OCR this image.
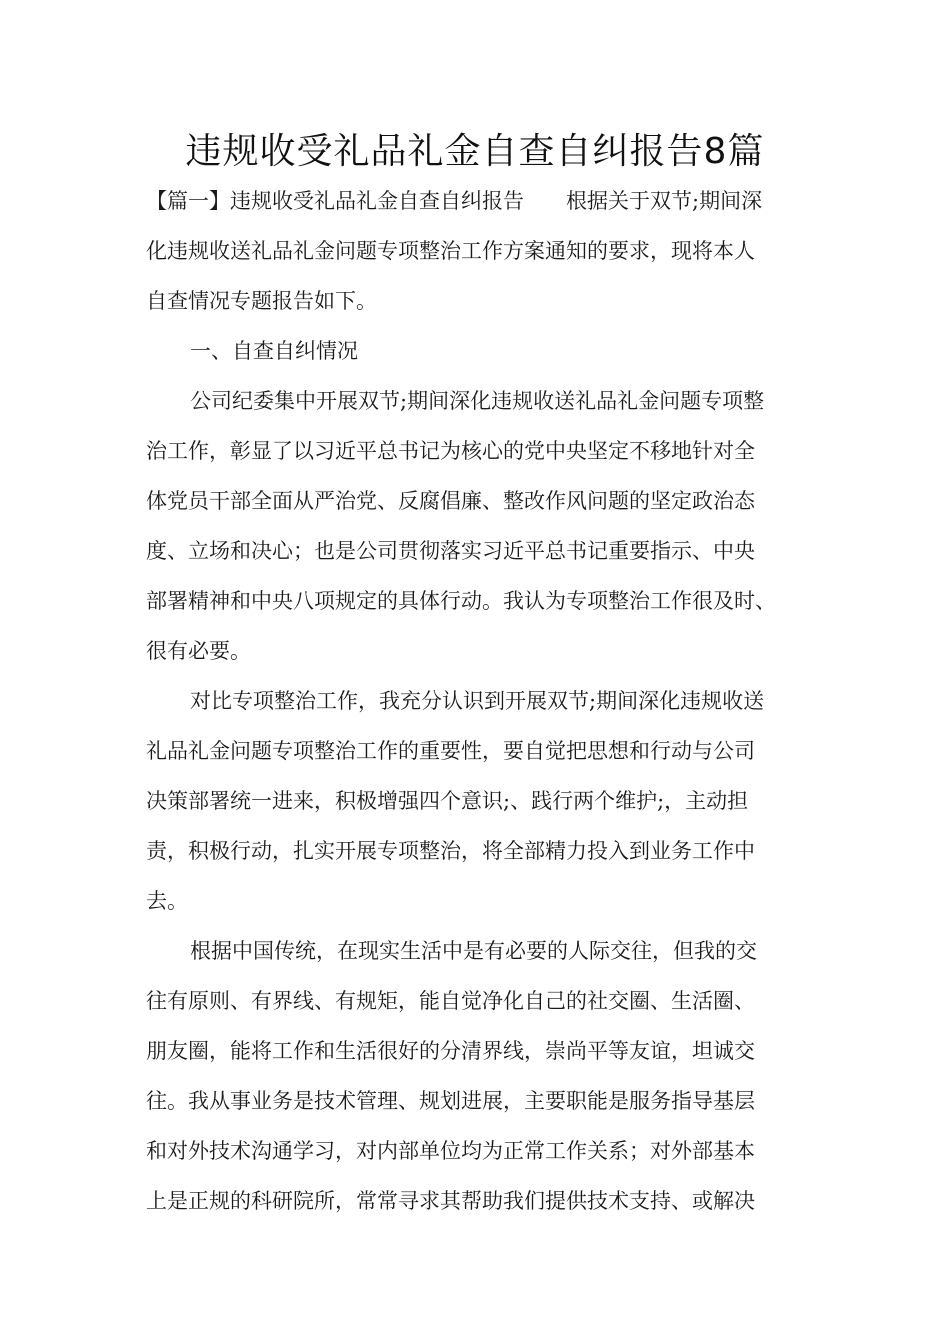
违规收受礼品礼金自查自纠报告8篇
【篇一】违规收受礼品礼金自查自纠报告　　根据关于双节;期间深
化违规收送礼品礼金问题专项整治工作方案通知的要求，现将本人
自查情况专题报告如下。
一、自查自纠情况
公司纪委集中开展双节;期间深化违规收送礼品礼金问题专项整
治工作，彰显了以习近平总书记为核心的党中央坚定不移地针对全
体党员干部全面从严治党、反腐倡廉、整改作风问题的坚定政治态
度、立场和决心；也是公司贯彻落实习近平总书记重要指示、中央
部署精神和中央八项规定的具体行动。我认为专项整治工作很及时、
很有必要。
对比专项整治工作，我充分认识到开展双节;期间深化违规收送
礼品礼金问题专项整治工作的重要性，要自觉把思想和行动与公司
决策部署统一进来，积极增强四个意识;、践行两个维护;，主动担
责，积极行动，扎实开展专项整治，将全部精力投入到业务工作中
去。
根据中国传统，在现实生活中是有必要的人际交往，但我的交
往有原则、有界线、有规矩，能自觉净化自己的社交圈、生活圈、
朋友圈，能将工作和生活很好的分清界线，崇尚平等友谊，坦诚交
往。我从事业务是技术管理、规划进展，主要职能是服务指导基层
和对外技术沟通学习，对内部单位均为正常工作关系；对外部基本
上是正规的科研院所，常常寻求其帮助我们提供技术支持、或解决
